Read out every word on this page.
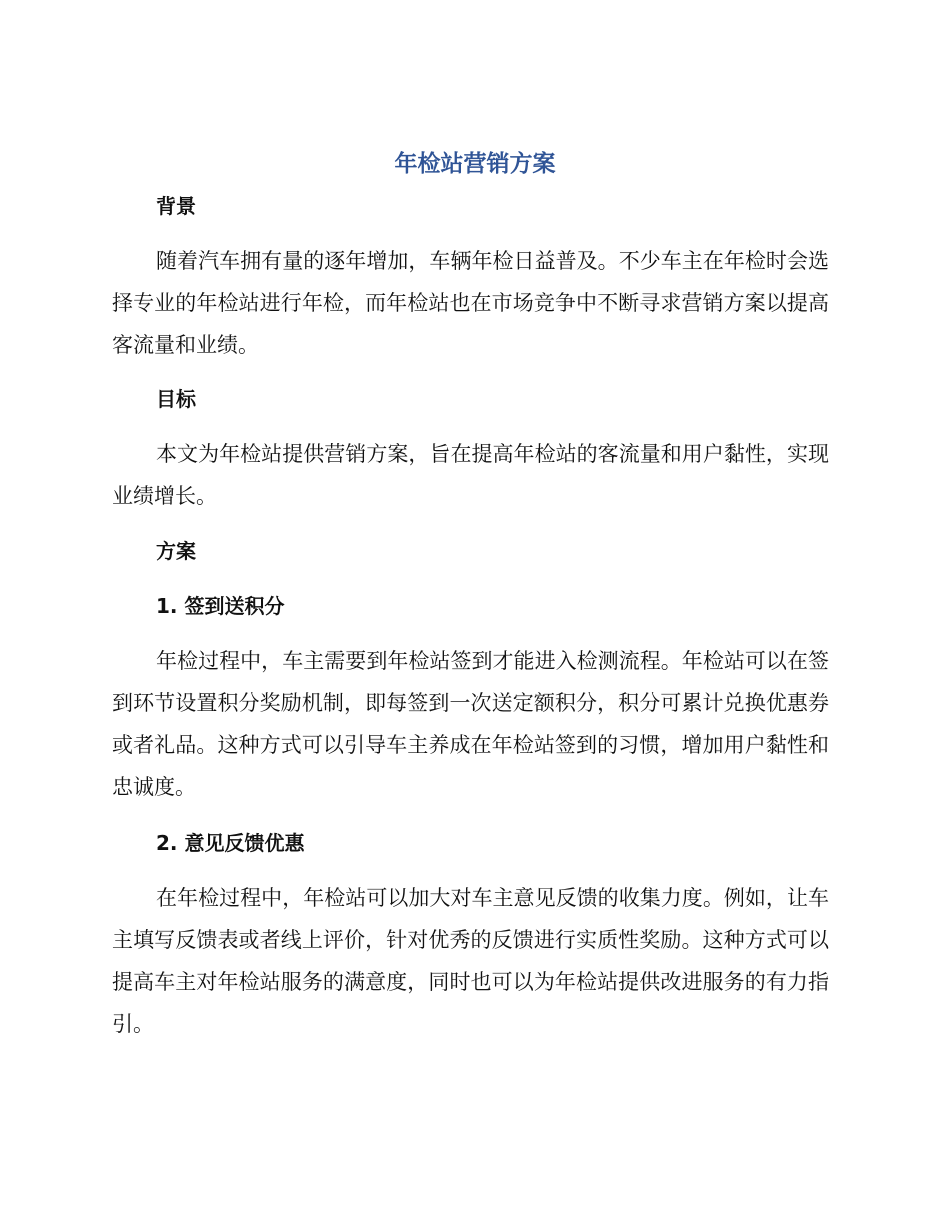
年检站营销方案
背景

随着汽车拥有量的逐年增加，车辆年检日益普及。不少车主在年检时会选择专业的年检站进行年检，而年检站也在市场竞争中不断寻求营销方案以提高客流量和业绩。

目标

本文为年检站提供营销方案，旨在提高年检站的客流量和用户黏性，实现业绩增长。

方案
1. 签到送积分

年检过程中，车主需要到年检站签到才能进入检测流程。年检站可以在签到环节设置积分奖励机制，即每签到一次送定额积分，积分可累计兑换优惠券或者礼品。这种方式可以引导车主养成在年检站签到的习惯，增加用户黏性和忠诚度。

2. 意见反馈优惠

在年检过程中，年检站可以加大对车主意见反馈的收集力度。例如，让车主填写反馈表或者线上评价，针对优秀的反馈进行实质性奖励。这种方式可以提高车主对年检站服务的满意度，同时也可以为年检站提供改进服务的有力指引。
